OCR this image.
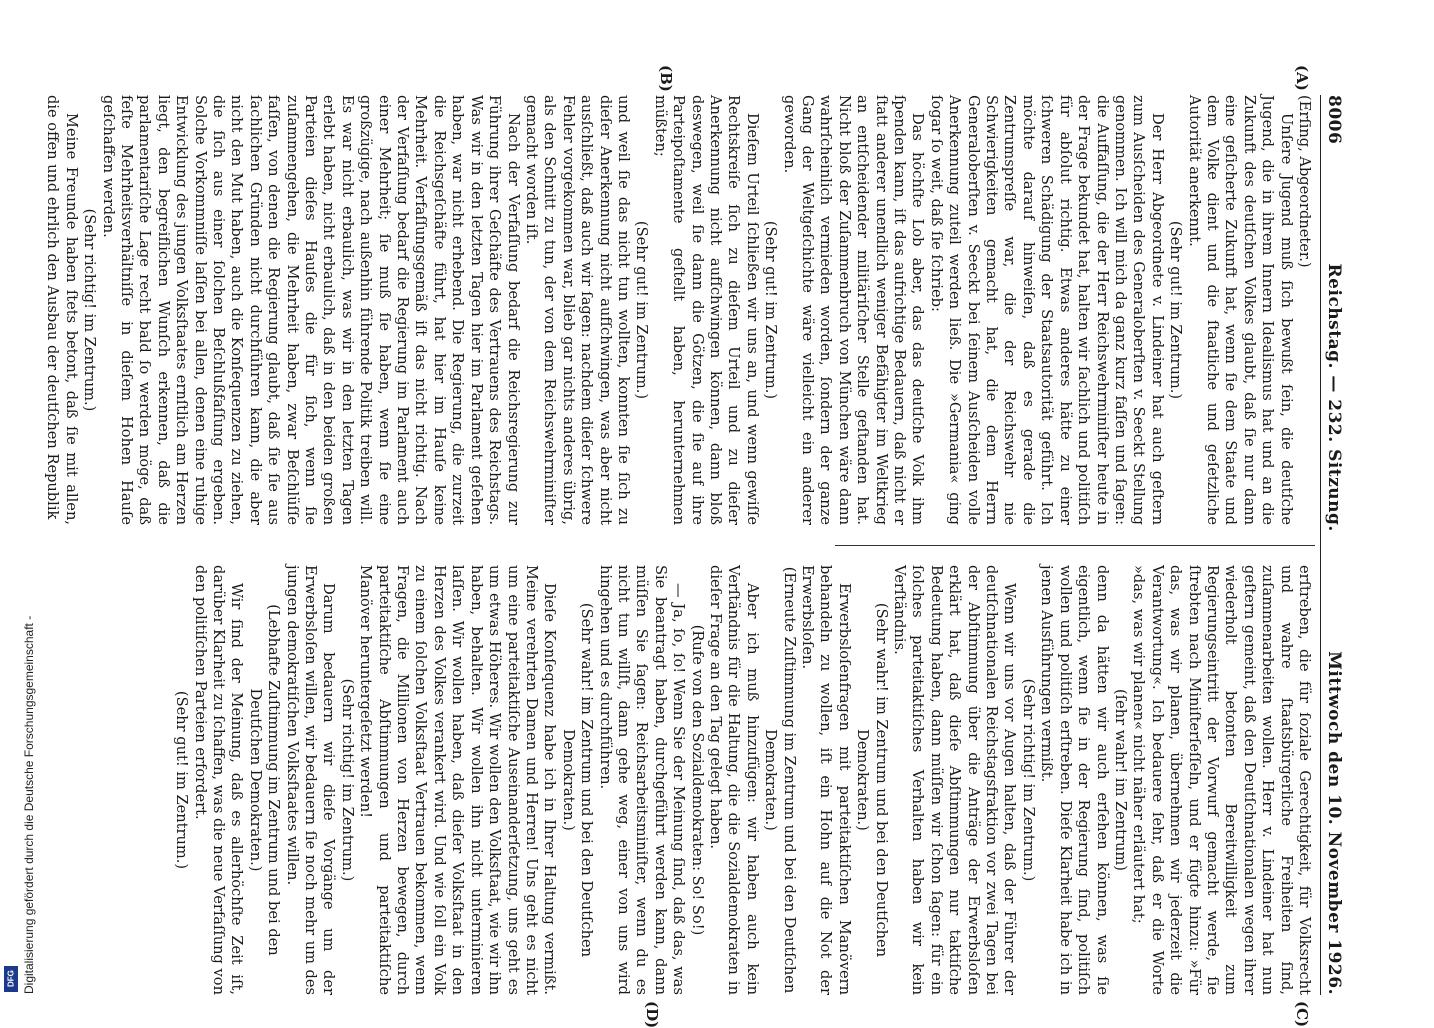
8006
Reichstag. — 232. Sitzung.
Mittwoch den 10. November 1926.
(A)
(B)
(C)
(D)

(Erſing, Abgeordneter.)

Unſere Jugend muß ſich bewußt ſein, die deutſche Jugend, die in ihrem Innern Idealismus hat und an die Zukunft des deutſchen Volkes glaubt, daß ſie nur dann eine geſicherte Zukunft hat, wenn ſie dem Staate und dem Volke dient und die ſtaatliche und geſetzliche Autorität anerkennt.

(Sehr gut! im Zentrum.)

Der Herr Abgeordnete v. Lindeiner hat auch geſtern zum Ausſcheiden des Generaloberſten v. Seeckt Stellung genommen. Ich will mich da ganz kurz faſſen und ſagen: die Auffaſſung, die der Herr Reichswehrminiſter heute in der Frage bekundet hat, halten wir ſachlich und politiſch für abſolut richtig. Etwas anderes hätte zu einer ſchweren Schädigung der Staatsautorität geführt. Ich möchte darauf hinweiſen, daß es gerade die Zentrumspreſſe war, die der Reichswehr nie Schwierigkeiten gemacht hat, die dem Herrn Generaloberſten v. Seeckt bei ſeinem Ausſcheiden volle Anerkennung zuteil werden ließ. Die »Germania« ging ſogar ſo weit, daß ſie ſchrieb:

Das höchſte Lob aber, das das deutſche Volk ihm ſpenden kann, iſt das aufrichtige Bedauern, daß nicht er ſtatt anderer unendlich weniger Befähigter im Weltkrieg an entſcheidender militäriſcher Stelle geſtanden hat. Nicht bloß der Zuſammenbruch von München wäre dann wahrſcheinlich vermieden worden, ſondern der ganze Gang der Weltgeſchichte wäre vielleicht ein anderer geworden.

(Sehr gut! im Zentrum.)

Dieſem Urteil ſchließen wir uns an, und wenn gewiſſe Rechtskreiſe ſich zu dieſem Urteil und zu dieſer Anerkennung nicht aufſchwingen können, dann bloß deswegen, weil ſie dann die Götzen, die ſie auf ihre Parteipoſtamente geſtellt haben, herunternehmen müßten;

(Sehr gut! im Zentrum.)

und weil ſie das nicht tun wollten, konnten ſie ſich zu dieſer Anerkennung nicht aufſchwingen, was aber nicht ausſchließt, daß auch wir ſagen: nachdem dieſer ſchwere Fehler vorgekommen war, blieb gar nichts anderes übrig, als den Schnitt zu tun, der von dem Reichswehrminiſter gemacht worden iſt.

Nach der Verfaſſung bedarf die Reichsregierung zur Führung ihrer Geſchäfte des Vertrauens des Reichstags. Was wir in den letzten Tagen hier im Parlament geſehen haben, war nicht erhebend. Die Regierung, die zurzeit die Reichsgeſchäfte führt, hat hier im Hauſe keine Mehrheit. Verfaſſungsgemäß iſt das nicht richtig. Nach der Verfaſſung bedarf die Regierung im Parlament auch einer Mehrheit; ſie muß ſie haben, wenn ſie eine großzügige, nach außenhin führende Politik treiben will. Es war nicht erbaulich, was wir in den letzten Tagen erlebt haben, nicht erbaulich, daß in den beiden großen Parteien dieſes Hauſes die für ſich, wenn ſie zuſammengehen, die Mehrheit haben, zwar Beſchlüſſe faſſen, von denen die Regierung glaubt, daß ſie ſie aus ſachlichen Gründen nicht durchführen kann, die aber nicht den Mut haben, auch die Konſequenzen zu ziehen, die ſich aus einer ſolchen Beſchlußfaſſung ergeben. Solche Vorkommniſſe laſſen bei allen, denen eine ruhige Entwicklung des jungen Volksſtaates ernſtlich am Herzen liegt, den begreiflichen Wunſch erkennen, daß die parlamentariſche Lage recht bald ſo werden möge, daß feſte Mehrheitsverhältniſſe in dieſem Hohen Hauſe geſchaffen werden.

(Sehr richtig! im Zentrum.)

Meine Freunde haben ſtets betont, daß ſie mit allen, die offen und ehrlich den Ausbau der deutſchen Republik

erſtreben, die für ſoziale Gerechtigkeit, für Volksrecht und wahre ſtaatsbürgerliche Freiheiten ſind, zuſammenarbeiten wollen. Herr v. Lindeiner hat nun geſtern gemeint, daß den Deutſchnationalen wegen ihrer wiederholt betonten Bereitwilligkeit zum Regierungseintritt der Vorwurf gemacht werde, ſie ſtrebten nach Miniſterſeſſeln, und er fügte hinzu: »Für das, was wir planen, übernehmen wir jederzeit die Verantwortung«. Ich bedauere ſehr, daß er die Worte »das, was wir planen« nicht näher erläutert hat;

(ſehr wahr! im Zentrum)

denn da hätten wir auch erſehen können, was ſie eigentlich, wenn ſie in der Regierung ſind, politiſch wollen und politiſch erſtreben. Dieſe Klarheit habe ich in jenen Ausführungen vermißt.

(Sehr richtig! im Zentrum.)

Wenn wir uns vor Augen halten, daß der Führer der deutſchnationalen Reichstagsfraktion vor zwei Tagen bei der Abſtimmung über die Anträge der Erwerbsloſen erklärt hat, daß dieſe Abſtimmungen nur taktiſche Bedeutung haben, dann müſſen wir ſchon ſagen: für ein ſolches parteitaktiſches Verhalten haben wir kein Verſtändnis.

(Sehr wahr! im Zentrum und bei den Deutſchen Demokraten.)

Erwerbsloſenfragen mit parteitaktiſchen Manövern behandeln zu wollen, iſt ein Hohn auf die Not der Erwerbsloſen.

(Erneute Zuſtimmung im Zentrum und bei den Deutſchen Demokraten.)

Aber ich muß hinzufügen: wir haben auch kein Verſtändnis für die Haltung, die die Sozialdemokraten in dieſer Frage an den Tag gelegt haben.

(Rufe von den Sozialdemokraten: So! So!)

— Ja, ſo, ſo! Wenn Sie der Meinung ſind, daß das, was Sie beantragt haben, durchgeführt werden kann, dann müſſen Sie ſagen: Reichsarbeitsminiſter, wenn du es nicht tun willſt, dann gehe weg, einer von uns wird hingehen und es durchführen.

(Sehr wahr! im Zentrum und bei den Deutſchen Demokraten.)

Dieſe Konſequenz habe ich in Ihrer Haltung vermißt. Meine verehrten Damen und Herren! Uns geht es nicht um eine parteitaktiſche Auseinanderſetzung, uns geht es um etwas Höheres. Wir wollen den Volksſtaat, wie wir ihn haben, behalten. Wir wollen ihn nicht unterminieren laſſen. Wir wollen haben, daß dieſer Volksſtaat in den Herzen des Volkes verankert wird. Und wie ſoll ein Volk zu einem ſolchen Volksſtaat Vertrauen bekommen, wenn Fragen, die Millionen von Herzen bewegen, durch parteitaktiſche Abſtimmungen und parteitaktiſche Manöver heruntergeſetzt werden!

(Sehr richtig! im Zentrum.)

Darum bedauern wir dieſe Vorgänge um der Erwerbsloſen willen, wir bedauern ſie noch mehr um des jungen demokratiſchen Volksſtaates willen.

(Lebhafte Zuſtimmung im Zentrum und bei den Deutſchen Demokraten.)

Wir ſind der Meinung, daß es allerhöchſte Zeit iſt, darüber Klarheit zu ſchaffen, was die neue Verfaſſung von den politiſchen Parteien erfordert.

(Sehr gut! im Zentrum.)

DFG Digitalisierung gefördert durch die Deutsche Forschungsgemeinschaft -
